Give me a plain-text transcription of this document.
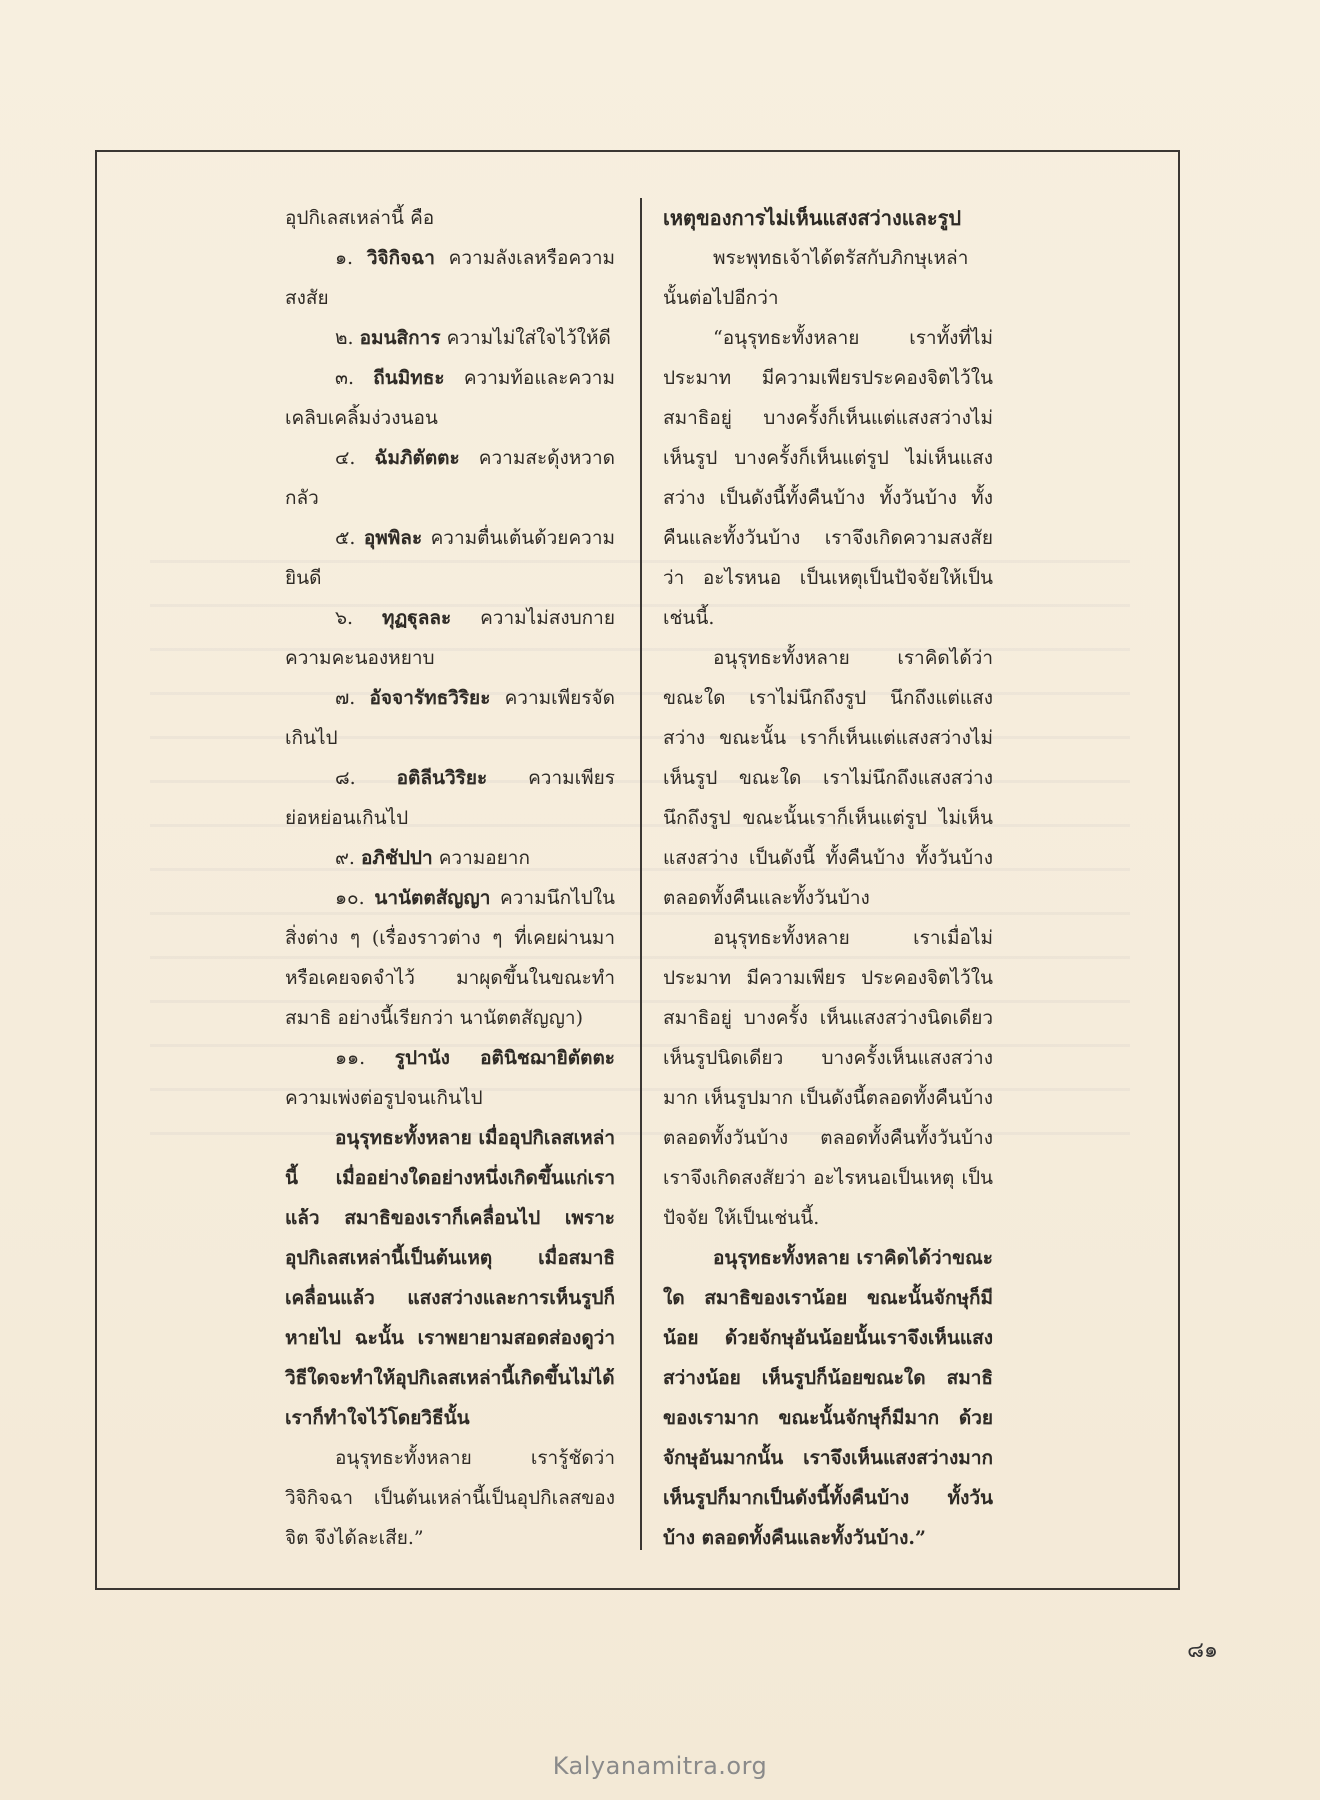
อุปกิเลสเหล่านี้ คือ

๑. วิจิกิจฉา ความลังเลหรือความสงสัย

๒. อมนสิการ ความไม่ใส่ใจไว้ให้ดี

๓. ถีนมิทธะ ความท้อและความเคลิบเคลิ้มง่วงนอน

๔. ฉัมภิตัตตะ ความสะดุ้งหวาดกลัว

๕. อุพพิละ ความตื่นเต้นด้วยความยินดี

๖. ทุฏฐุลละ ความไม่สงบกายความคะนองหยาบ

๗. อัจจารัทธวิริยะ ความเพียรจัดเกินไป

๘. อติลีนวิริยะ ความเพียรย่อหย่อนเกินไป

๙. อภิชัปปา ความอยาก

๑๐. นานัตตสัญญา ความนึกไปในสิ่งต่าง ๆ (เรื่องราวต่าง ๆ ที่เคยผ่านมาหรือเคยจดจำไว้ มาผุดขึ้นในขณะทำสมาธิ อย่างนี้เรียกว่า นานัตตสัญญา)

๑๑. รูปานัง อตินิชฌายิตัตตะ ความเพ่งต่อรูปจนเกินไป

อนุรุทธะทั้งหลาย เมื่ออุปกิเลสเหล่านี้ เมื่ออย่างใดอย่างหนึ่งเกิดขึ้นแก่เราแล้ว สมาธิของเราก็เคลื่อนไป เพราะอุปกิเลสเหล่านี้เป็นต้นเหตุ เมื่อสมาธิเคลื่อนแล้ว แสงสว่างและการเห็นรูปก็หายไป ฉะนั้น เราพยายามสอดส่องดูว่า วิธีใดจะทำให้อุปกิเลสเหล่านี้เกิดขึ้นไม่ได้ เราก็ทำใจไว้โดยวิธีนั้น

อนุรุทธะทั้งหลาย เรารู้ชัดว่า วิจิกิจฉา เป็นต้นเหล่านี้เป็นอุปกิเลสของจิต จึงได้ละเสีย.”

เหตุของการไม่เห็นแสงสว่างและรูป

พระพุทธเจ้าได้ตรัสกับภิกษุเหล่านั้นต่อไปอีกว่า

“อนุรุทธะทั้งหลาย เราทั้งที่ไม่ประมาท มีความเพียรประคองจิตไว้ในสมาธิอยู่ บางครั้งก็เห็นแต่แสงสว่างไม่เห็นรูป บางครั้งก็เห็นแต่รูป ไม่เห็นแสงสว่าง เป็นดังนี้ทั้งคืนบ้าง ทั้งวันบ้าง ทั้งคืนและทั้งวันบ้าง เราจึงเกิดความสงสัยว่า อะไรหนอ เป็นเหตุเป็นปัจจัยให้เป็นเช่นนี้.

อนุรุทธะทั้งหลาย เราคิดได้ว่า ขณะใด เราไม่นึกถึงรูป นึกถึงแต่แสงสว่าง ขณะนั้น เราก็เห็นแต่แสงสว่างไม่เห็นรูป ขณะใด เราไม่นึกถึงแสงสว่างนึกถึงรูป ขณะนั้นเราก็เห็นแต่รูป ไม่เห็นแสงสว่าง เป็นดังนี้ ทั้งคืนบ้าง ทั้งวันบ้างตลอดทั้งคืนและทั้งวันบ้าง

อนุรุทธะทั้งหลาย เราเมื่อไม่ประมาท มีความเพียร ประคองจิตไว้ในสมาธิอยู่ บางครั้ง เห็นแสงสว่างนิดเดียว เห็นรูปนิดเดียว บางครั้งเห็นแสงสว่างมาก เห็นรูปมาก เป็นดังนี้ตลอดทั้งคืนบ้าง ตลอดทั้งวันบ้าง ตลอดทั้งคืนทั้งวันบ้าง เราจึงเกิดสงสัยว่า อะไรหนอเป็นเหตุ เป็นปัจจัย ให้เป็นเช่นนี้.

อนุรุทธะทั้งหลาย เราคิดได้ว่าขณะใด สมาธิของเราน้อย ขณะนั้นจักษุก็มีน้อย ด้วยจักษุอันน้อยนั้นเราจึงเห็นแสงสว่างน้อย เห็นรูปก็น้อยขณะใด สมาธิของเรามาก ขณะนั้นจักษุก็มีมาก ด้วยจักษุอันมากนั้น เราจึงเห็นแสงสว่างมาก เห็นรูปก็มากเป็นดังนี้ทั้งคืนบ้าง ทั้งวันบ้าง ตลอดทั้งคืนและทั้งวันบ้าง.”

๘๑
Kalyanamitra.org
